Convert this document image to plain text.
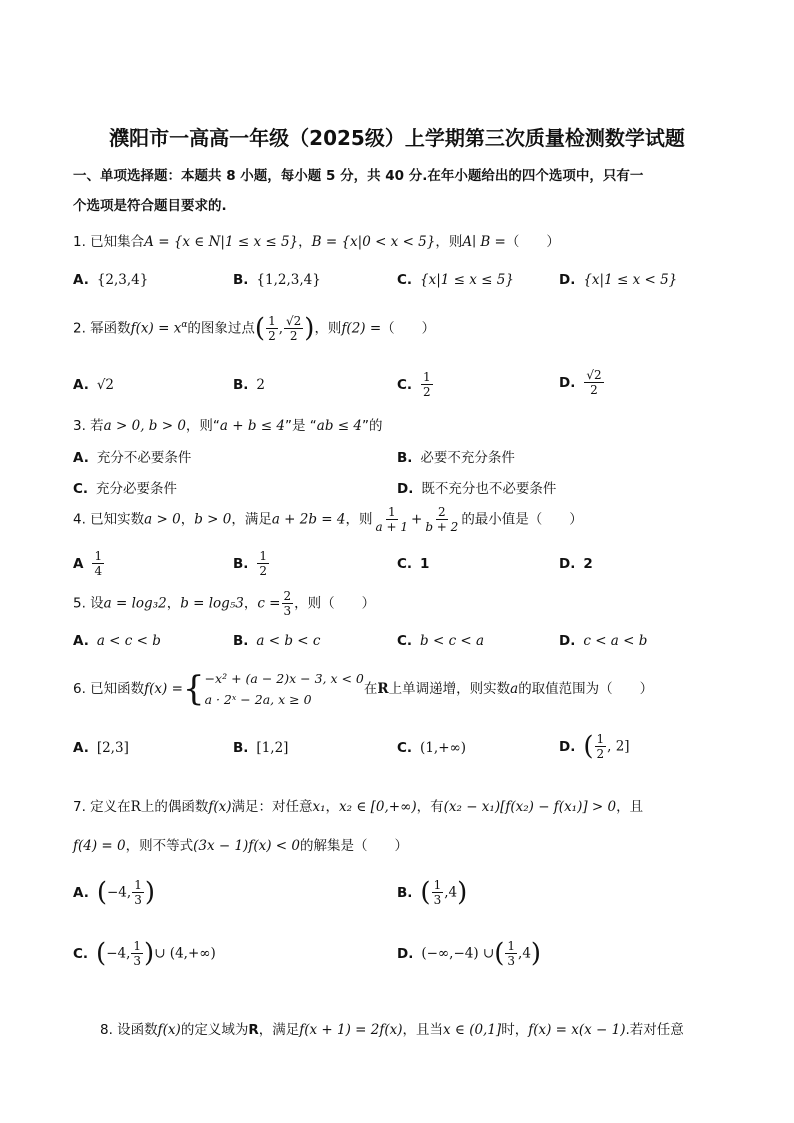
濮阳市一高高一年级（2025级）上学期第三次质量检测数学试题
一、单项选择题：本题共 8 小题，每小题 5 分，共 40 分.在年小题给出的四个选项中，只有一
个选项是符合题目要求的.
1. 已知集合A = {x ∈ N|1 ≤ x ≤ 5}，B = {x|0 < x < 5}，则A∣ B =（　　）
A. {2,3,4}	B. {1,2,3,4}	C. {x|1 ≤ x ≤ 5}	D. {x|1 ≤ x < 5}
2. 幂函数$f(x) = x^\alpha$的图象过点( $\frac{1}{2}$ , $\frac{√2}{2}$ )，则f(2) =（　　）
A. √2	B. 2	C. $\frac{1}{2}$	D. $\frac{√2}{2}$
3. 若a > 0, b > 0，则“a + b ≤ 4”是 “ab ≤ 4”的
A. 充分不必要条件	B. 必要不充分条件
C. 充分必要条件	D. 既不充分也不必要条件
4. 已知实数a > 0，b > 0，满足a + 2b = 4，则 $\frac{1}{a + 1} + \frac{2}{b + 2}$ 的最小值是（　　）
A $\frac{1}{4}$	B. $\frac{1}{2}$	C. 1	D. 2
5. 设a = log₃2，b = log₅3，$c = \frac{2}{3}$ ，则（　　）
A. a < c < b	B. a < b < c	C. b < c < a	D. c < a < b
6. 已知函数f(x) ={ −x² + (a − 2)x − 3, x < 0
a · 2ˣ − 2a, x ≥ 0
在R上单调递增，则实数a的取值范围为（　　）
A. [2,3]	B. [1,2]	C. (1,+∞)	D. ( $\frac{1}{2}$ , 2]
7. 定义在R上的偶函数f(x)满足：对任意x₁，x₂ ∈ [0,+∞)，有(x₂ − x₁)[f(x₂) − f(x₁)] > 0，且
f(4) = 0，则不等式(3x − 1)f(x) < 0的解集是（　　）
A. (−4, $\frac{1}{3}$ )	B. ( $\frac{1}{3} ,4$)
C. (−4, $\frac{1}{3}$ )∪ (4,+∞)	D. (−∞,−4) ∪( $\frac{1}{3} ,4$)
8. 设函数f(x)的定义域为R，满足f(x + 1) = 2f(x)，且当x ∈ (0,1]时，f(x) = x(x − 1).若对任意
